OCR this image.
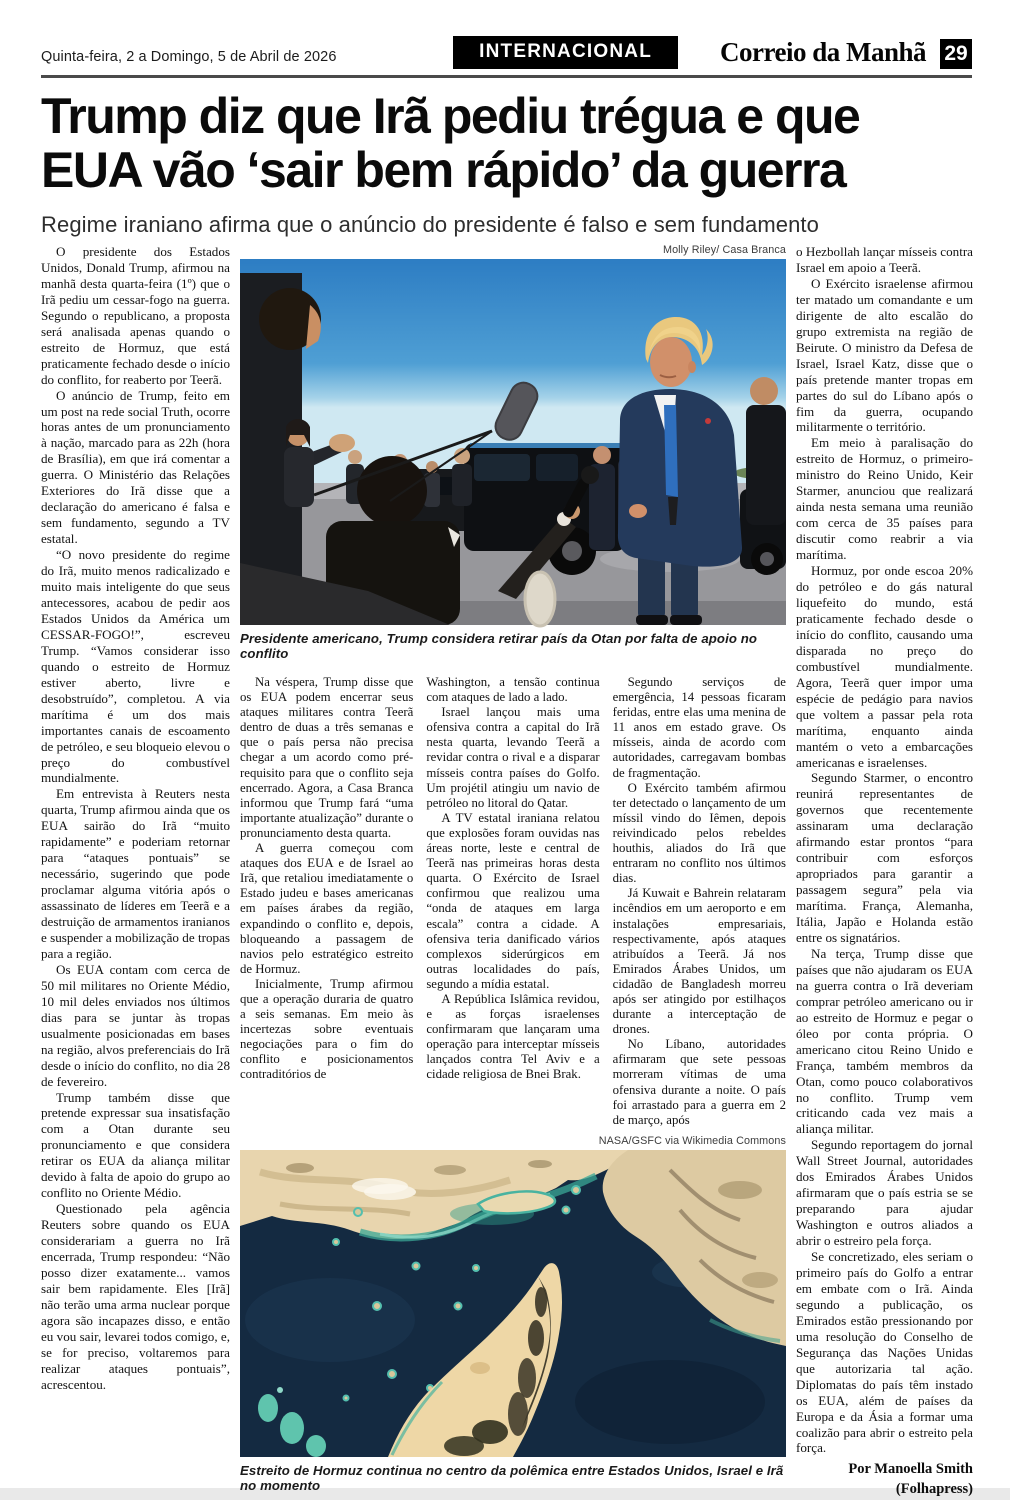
Quinta-feira, 2 a Domingo, 5 de Abril de 2026	INTERNACIONAL	Correio da Manhã 29
Trump diz que Irã pediu trégua e que
EUA vão ‘sair bem rápido’ da guerra
Regime iraniano afirma que o anúncio do presidente é falso e sem fundamento

O presidente dos Estados Unidos, Donald Trump, afirmou na manhã desta quarta-feira (1º) que o Irã pediu um cessar-fogo na guerra. Segundo o republicano, a proposta será analisada apenas quando o estreito de Hormuz, que está praticamente fechado desde o início do conflito, for reaberto por Teerã.

O anúncio de Trump, feito em um post na rede social Truth, ocorre horas antes de um pronunciamento à nação, marcado para as 22h (hora de Brasília), em que irá comentar a guerra. O Ministério das Relações Exteriores do Irã disse que a declaração do americano é falsa e sem fundamento, segundo a TV estatal.

“O novo presidente do regime do Irã, muito menos radicalizado e muito mais inteligente do que seus antecessores, acabou de pedir aos Estados Unidos da América um CESSAR-FOGO!”, escreveu Trump. “Vamos considerar isso quando o estreito de Hormuz estiver aberto, livre e desobstruído”, completou. A via marítima é um dos mais importantes canais de escoamento de petróleo, e seu bloqueio elevou o preço do combustível mundialmente.

Em entrevista à Reuters nesta quarta, Trump afirmou ainda que os EUA sairão do Irã “muito rapidamente” e poderiam retornar para “ataques pontuais” se necessário, sugerindo que pode proclamar alguma vitória após o assassinato de líderes em Teerã e a destruição de armamentos iranianos e suspender a mobilização de tropas para a região.

Os EUA contam com cerca de 50 mil militares no Oriente Médio, 10 mil deles enviados nos últimos dias para se juntar às tropas usualmente posicionadas em bases na região, alvos preferenciais do Irã desde o início do conflito, no dia 28 de fevereiro.

Trump também disse que pretende expressar sua insatisfação com a Otan durante seu pronunciamento e que considera retirar os EUA da aliança militar devido à falta de apoio do grupo ao conflito no Oriente Médio.

Questionado pela agência Reuters sobre quando os EUA considerariam a guerra no Irã encerrada, Trump respondeu: “Não posso dizer exatamente... vamos sair bem rapidamente. Eles [Irã] não terão uma arma nuclear porque agora são incapazes disso, e então eu vou sair, levarei todos comigo, e, se for preciso, voltaremos para realizar ataques pontuais”, acrescentou.

Molly Riley/ Casa Branca
Presidente americano, Trump considera retirar país da Otan por falta de apoio no conflito

Na véspera, Trump disse que os EUA podem encerrar seus ataques militares contra Teerã dentro de duas a três semanas e que o país persa não precisa chegar a um acordo como pré-requisito para que o conflito seja encerrado. Agora, a Casa Branca informou que Trump fará “uma importante atualização” durante o pronunciamento desta quarta.

A guerra começou com ataques dos EUA e de Israel ao Irã, que retaliou imediatamente o Estado judeu e bases americanas em países árabes da região, expandindo o conflito e, depois, bloqueando a passagem de navios pelo estratégico estreito de Hormuz.

Inicialmente, Trump afirmou que a operação duraria de quatro a seis semanas. Em meio às incertezas sobre eventuais negociações para o fim do conflito e posicionamentos contraditórios de

Washington, a tensão continua com ataques de lado a lado.

Israel lançou mais uma ofensiva contra a capital do Irã nesta quarta, levando Teerã a revidar contra o rival e a disparar mísseis contra países do Golfo. Um projétil atingiu um navio de petróleo no litoral do Qatar.

A TV estatal iraniana relatou que explosões foram ouvidas nas áreas norte, leste e central de Teerã nas primeiras horas desta quarta. O Exército de Israel confirmou que realizou uma “onda de ataques em larga escala” contra a cidade. A ofensiva teria danificado vários complexos siderúrgicos em outras localidades do país, segundo a mídia estatal.

A República Islâmica revidou, e as forças israelenses confirmaram que lançaram uma operação para interceptar mísseis lançados contra Tel Aviv e a cidade religiosa de Bnei Brak.

Segundo serviços de emergência, 14 pessoas ficaram feridas, entre elas uma menina de 11 anos em estado grave. Os mísseis, ainda de acordo com autoridades, carregavam bombas de fragmentação.

O Exército também afirmou ter detectado o lançamento de um míssil vindo do Iêmen, depois reivindicado pelos rebeldes houthis, aliados do Irã que entraram no conflito nos últimos dias.

Já Kuwait e Bahrein relataram incêndios em um aeroporto e em instalações empresariais, respectivamente, após ataques atribuídos a Teerã. Já nos Emirados Árabes Unidos, um cidadão de Bangladesh morreu após ser atingido por estilhaços durante a interceptação de drones.

No Líbano, autoridades afirmaram que sete pessoas morreram vítimas de uma ofensiva durante a noite. O país foi arrastado para a guerra em 2 de março, após

NASA/GSFC via Wikimedia Commons
Estreito de Hormuz continua no centro da polêmica entre Estados Unidos, Israel e Irã no momento

o Hezbollah lançar mísseis contra Israel em apoio a Teerã.

O Exército israelense afirmou ter matado um comandante e um dirigente de alto escalão do grupo extremista na região de Beirute. O ministro da Defesa de Israel, Israel Katz, disse que o país pretende manter tropas em partes do sul do Líbano após o fim da guerra, ocupando militarmente o território.

Em meio à paralisação do estreito de Hormuz, o primeiro-ministro do Reino Unido, Keir Starmer, anunciou que realizará ainda nesta semana uma reunião com cerca de 35 países para discutir como reabrir a via marítima.

Hormuz, por onde escoa 20% do petróleo e do gás natural liquefeito do mundo, está praticamente fechado desde o início do conflito, causando uma disparada no preço do combustível mundialmente. Agora, Teerã quer impor uma espécie de pedágio para navios que voltem a passar pela rota marítima, enquanto ainda mantém o veto a embarcações americanas e israelenses.

Segundo Starmer, o encontro reunirá representantes de governos que recentemente assinaram uma declaração afirmando estar prontos “para contribuir com esforços apropriados para garantir a passagem segura” pela via marítima. França, Alemanha, Itália, Japão e Holanda estão entre os signatários.

Na terça, Trump disse que países que não ajudaram os EUA na guerra contra o Irã deveriam comprar petróleo americano ou ir ao estreito de Hormuz e pegar o óleo por conta própria. O americano citou Reino Unido e França, também membros da Otan, como pouco colaborativos no conflito. Trump vem criticando cada vez mais a aliança militar.

Segundo reportagem do jornal Wall Street Journal, autoridades dos Emirados Árabes Unidos afirmaram que o país estria se se preparando para ajudar Washington e outros aliados a abrir o estreiro pela força.

Se concretizado, eles seriam o primeiro país do Golfo a entrar em embate com o Irã. Ainda segundo a publicação, os Emirados estão pressionando por uma resolução do Conselho de Segurança das Nações Unidas que autorizaria tal ação. Diplomatas do país têm instado os EUA, além de países da Europa e da Ásia a formar uma coalizão para abrir o estreito pela força.

Por Manoella Smith
(Folhapress)
